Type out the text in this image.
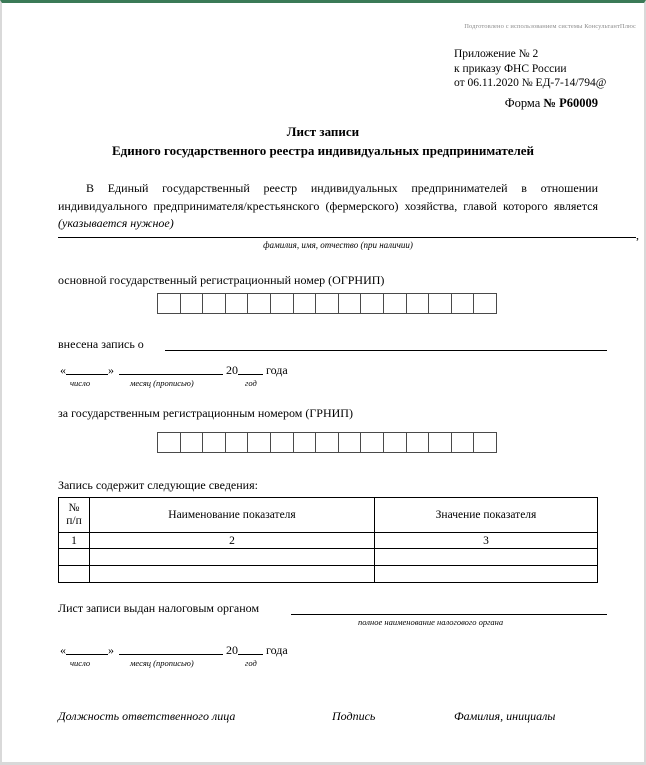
Подготовлено с использованием системы КонсультантПлюс
Приложение № 2
к приказу ФНС России
от 06.11.2020 № ЕД-7-14/794@
Форма № Р60009
Лист записи
Единого государственного реестра индивидуальных предпринимателей
В Единый государственный реестр индивидуальных предпринимателей в отношении индивидуального предпринимателя/крестьянского (фермерского) хозяйства, главой которого является (указывается нужное)
,
фамилия, имя, отчество (при наличии)
основной государственный регистрационный номер (ОГРНИП)
внесена запись о
«	»	20 года
число	месяц (прописью)	год
за государственным регистрационным номером (ГРНИП)
Запись содержит следующие сведения:
№
п/п	Наименование показателя	Значение показателя
1	2	3

Лист записи выдан налоговым органом
полное наименование налогового органа
«	»	20 года
число	месяц (прописью)	год
Должность ответственного лица	Подпись	Фамилия, инициалы
